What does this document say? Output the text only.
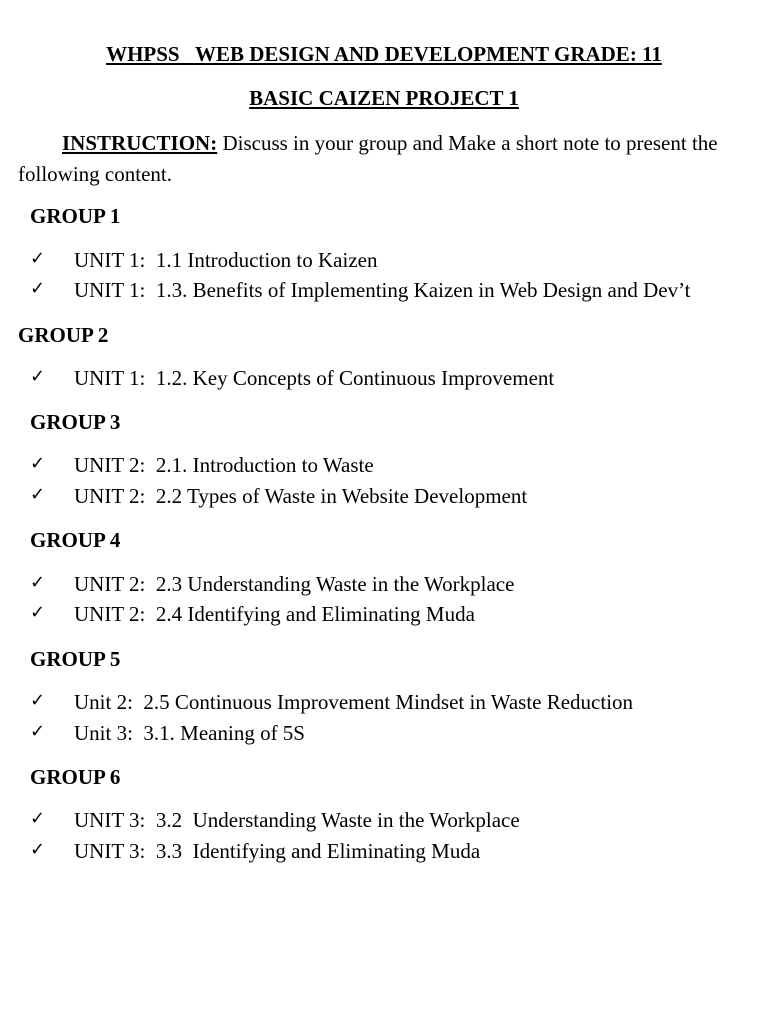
WHPSS   WEB DESIGN AND DEVELOPMENT GRADE: 11
BASIC CAIZEN PROJECT 1
INSTRUCTION: Discuss in your group and Make a short note to present the following content.
GROUP 1
✓ UNIT 1:  1.1 Introduction to Kaizen
✓ UNIT 1:  1.3. Benefits of Implementing Kaizen in Web Design and Dev’t
GROUP 2
✓ UNIT 1:  1.2. Key Concepts of Continuous Improvement
GROUP 3
✓ UNIT 2:  2.1. Introduction to Waste
✓ UNIT 2:  2.2 Types of Waste in Website Development
GROUP 4
✓ UNIT 2:  2.3 Understanding Waste in the Workplace
✓ UNIT 2:  2.4 Identifying and Eliminating Muda
GROUP 5
✓ Unit 2:  2.5 Continuous Improvement Mindset in Waste Reduction
✓ Unit 3:  3.1. Meaning of 5S
GROUP 6
✓ UNIT 3:  3.2  Understanding Waste in the Workplace
✓ UNIT 3:  3.3  Identifying and Eliminating Muda
